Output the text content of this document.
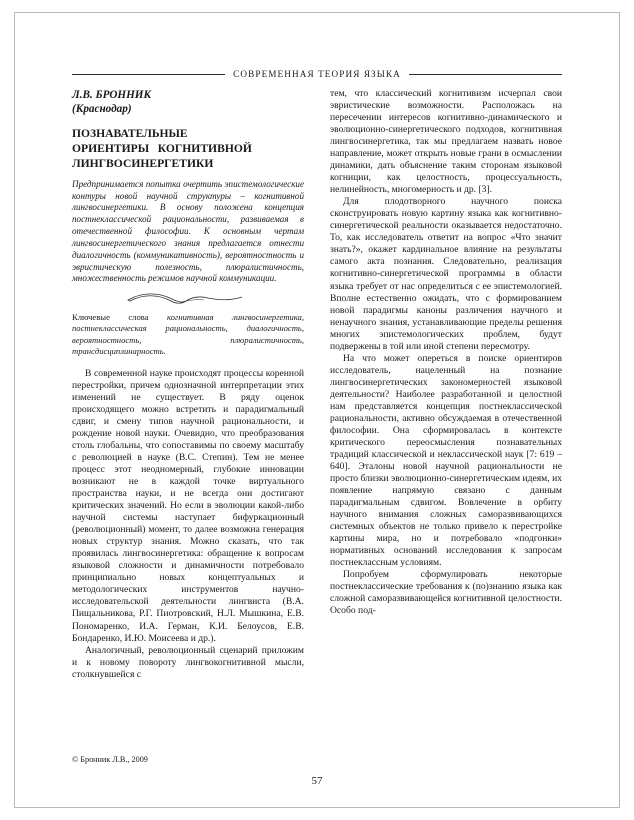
СОВРЕМЕННАЯ ТЕОРИЯ ЯЗЫКА
Л.В. БРОННИК
(Краснодар)
ПОЗНАВАТЕЛЬНЫЕ
ОРИЕНТИРЫ   КОГНИТИВНОЙ
ЛИНГВОСИНЕРГЕТИКИ
Предпринимается попытка очертить эпистемологические контуры новой научной структуры – когнитивной лингвосинергетики. В основу положена концепция постнеклассической рациональности, развиваемая в отечественной философии. К основным чертам лингвосинергетического знания предлагается отнести диалогичность (коммуникативность), вероятностность и эвристическую полезность, плюралистичность, множественность режимов научной коммуникации.
Ключевые слова когнитивная лингвосинергетика, постнеклассическая рациональность, диалогичность, вероятностность, плюралистичность, трансдисциплинарность.

В современной науке происходят процессы коренной перестройки, причем однозначной интерпретации этих изменений не существует. В ряду оценок происходящего можно встретить и парадигмальный сдвиг, и смену типов научной рациональности, и рождение новой науки. Очевидно, что преобразования столь глобальны, что сопоставимы по своему масштабу с революцией в науке (В.С. Степин). Тем не менее процесс этот неодномерный, глубокие инновации возникают не в каждой точке виртуального пространства науки, и не всегда они достигают критических значений. Но если в эволюции какой-либо научной системы наступает бифуркационный (революционный) момент, то далее возможна генерация новых структур знания. Можно сказать, что так проявилась лингвосинергетика: обращение к вопросам языковой сложности и динамичности потребовало принципиально новых концептуальных и методологических инструментов научно-исследовательской деятельности лингвиста (В.А. Пищальникова, Р.Г. Пиотровский, Н.Л. Мышкина, Е.В. Пономаренко, И.А. Герман, К.И. Белоусов, Е.В. Бондаренко, И.Ю. Моисеева и др.).

Аналогичный, революционный сценарий приложим и к новому повороту лингвокогнитивной мысли, столкнувшейся с

тем, что классический когнитивизм исчерпал свои эвристические возможности. Расположась на пересечении интересов когнитивно-динамического и эволюционно-синергетического подходов, когнитивная лингвосинергетика, так мы предлагаем назвать новое направление, может открыть новые грани в осмыслении динамики, дать объяснение таким сторонам языковой когниции, как целостность, процессуальность, нелинейность, многомерность и др. [3].

Для плодотворного научного поиска сконструировать новую картину языка как когнитивно-синергетической реальности оказывается недостаточно. То, как исследователь ответит на вопрос «Что значит знать?», окажет кардинальное влияние на результаты самого акта познания. Следовательно, реализация когнитивно-синергетической программы в области языка требует от нас определиться с ее эпистемологией. Вполне естественно ожидать, что с формированием новой парадигмы каноны различения научного и ненаучного знания, устанавливающие пределы решения многих эпистемологических проблем, будут подвержены в той или иной степени пересмотру.

На что может опереться в поиске ориентиров исследователь, нацеленный на познание лингвосинергетических закономерностей языковой деятельности? Наиболее разработанной и целостной нам представляется концепция постнеклассической рациональности, активно обсуждаемая в отечественной философии. Она сформировалась в контексте критического переосмысления познавательных традиций классической и неклассической наук [7: 619 – 640]. Эталоны новой научной рациональности не просто близки эволюционно-синергетическим идеям, их появление напрямую связано с данным парадигмальным сдвигом. Вовлечение в орбиту научного внимания сложных саморазвивающихся системных объектов не только привело к перестройке картины мира, но и потребовало «подгонки» нормативных оснований исследования к запросам постнеклассным условиям.

Попробуем сформулировать некоторые постнеклассические требования к (по)знанию языка как сложной саморазвивающейся когнитивной целостности. Особо под-

© Бронник Л.В., 2009
57
